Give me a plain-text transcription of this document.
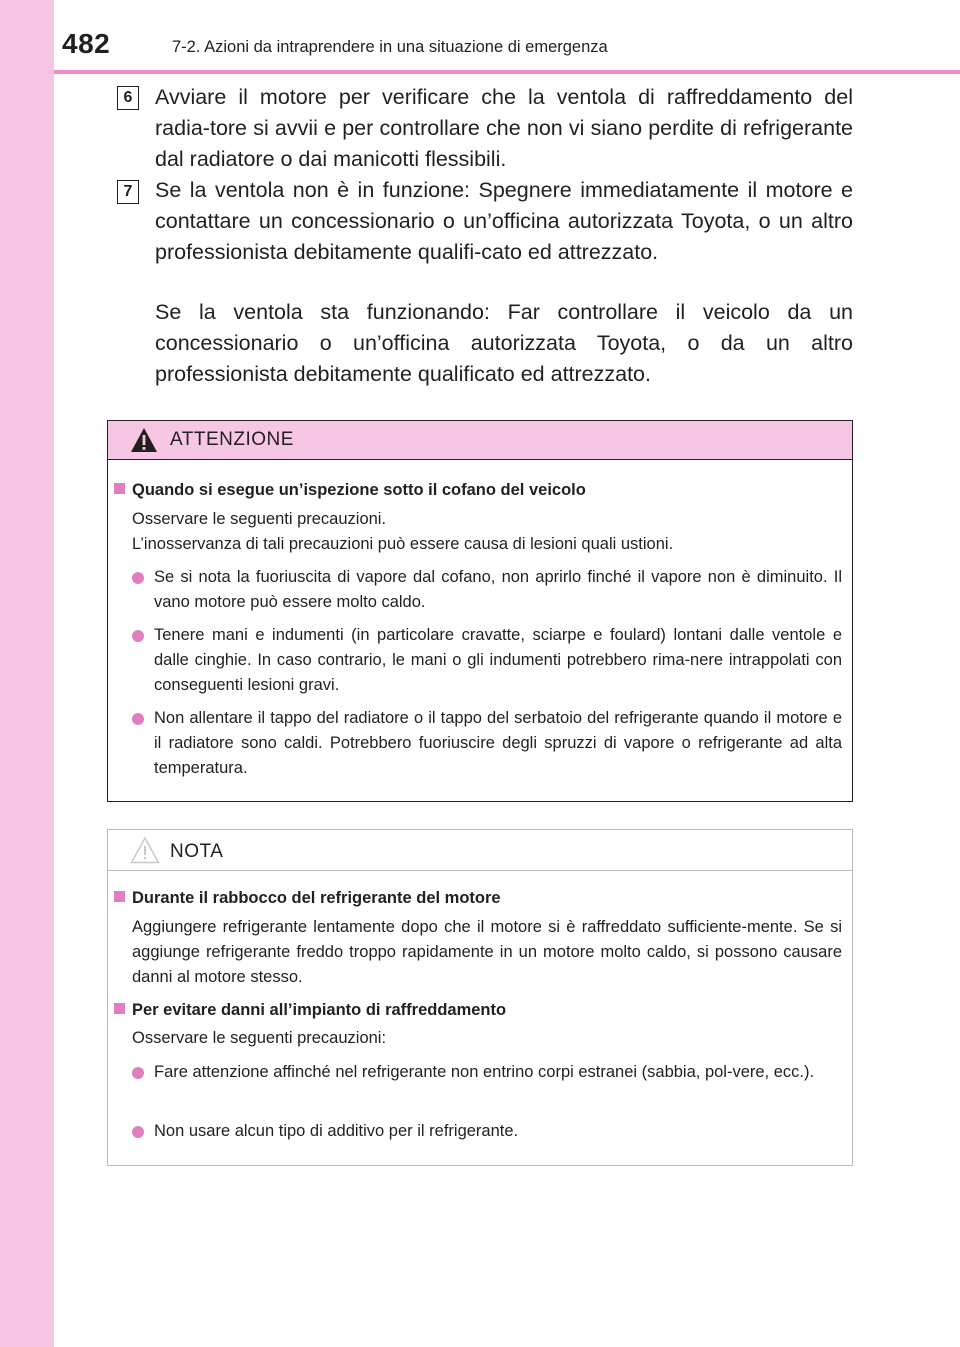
482	7-2. Azioni da intraprendere in una situazione di emergenza
6	Avviare il motore per verificare che la ventola di raffreddamento del radia-tore si avvii e per controllare che non vi siano perdite di refrigerante dal radiatore o dai manicotti flessibili.

7	Se la ventola non è in funzione: Spegnere immediatamente il motore e contattare un concessionario o un’officina autorizzata Toyota, o un altro professionista debitamente qualifi-cato ed attrezzato.

Se la ventola sta funzionando: Far controllare il veicolo da un concessionario o un’officina autorizzata Toyota, o da un altro professionista debitamente qualificato ed attrezzato.

ATTENZIONE
Quando si esegue un’ispezione sotto il cofano del veicolo

Osservare le seguenti precauzioni.

L’inosservanza di tali precauzioni può essere causa di lesioni quali ustioni.

Se si nota la fuoriuscita di vapore dal cofano, non aprirlo finché il vapore non è diminuito. Il vano motore può essere molto caldo.

Tenere mani e indumenti (in particolare cravatte, sciarpe e foulard) lontani dalle ventole e dalle cinghie. In caso contrario, le mani o gli indumenti potrebbero rima-nere intrappolati con conseguenti lesioni gravi.

Non allentare il tappo del radiatore o il tappo del serbatoio del refrigerante quando il motore e il radiatore sono caldi. Potrebbero fuoriuscire degli spruzzi di vapore o refrigerante ad alta temperatura.

NOTA
Durante il rabbocco del refrigerante del motore

Aggiungere refrigerante lentamente dopo che il motore si è raffreddato sufficiente-mente. Se si aggiunge refrigerante freddo troppo rapidamente in un motore molto caldo, si possono causare danni al motore stesso.

Per evitare danni all’impianto di raffreddamento

Osservare le seguenti precauzioni:

Fare attenzione affinché nel refrigerante non entrino corpi estranei (sabbia, pol-vere, ecc.).

Non usare alcun tipo di additivo per il refrigerante.
